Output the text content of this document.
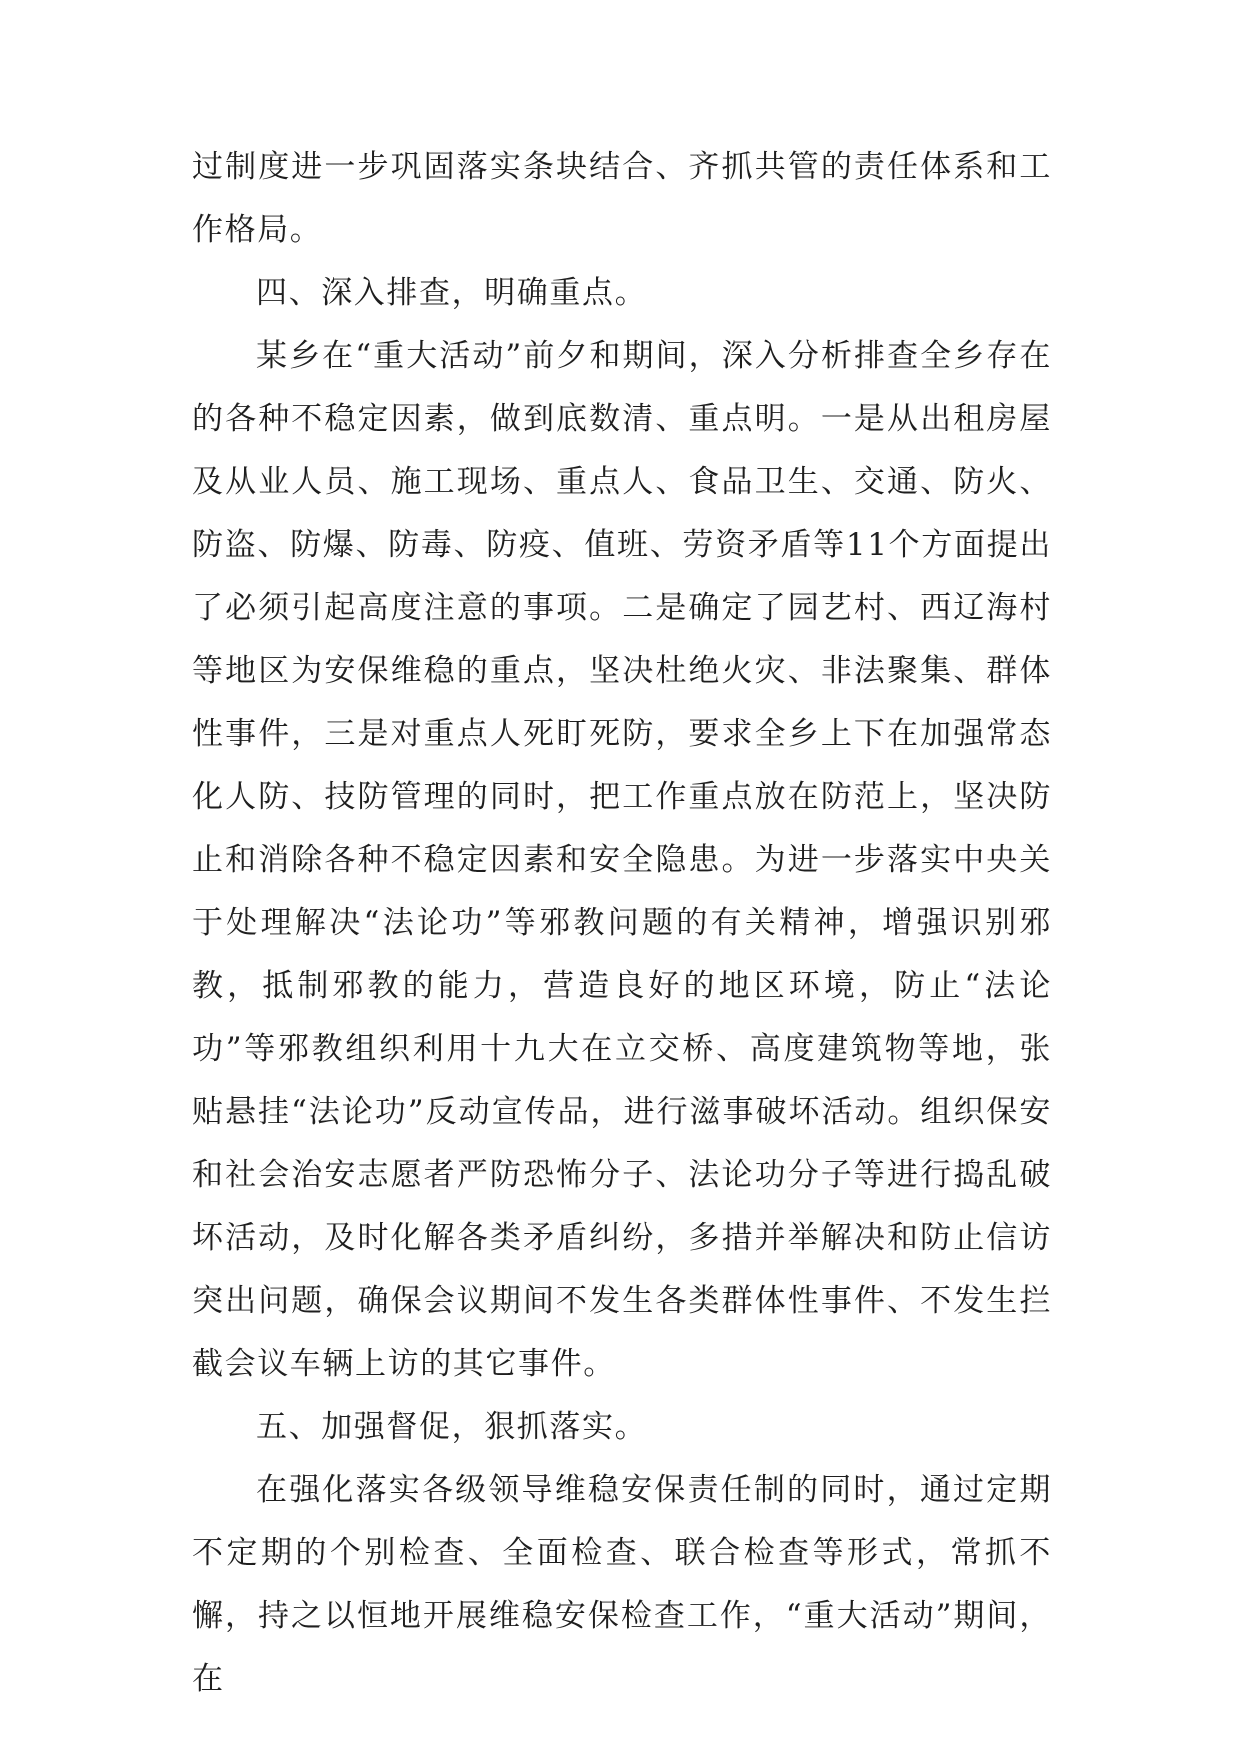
过制度进一步巩固落实条块结合、齐抓共管的责任体系和工作格局。

四、深入排查，明确重点。

某乡在“重大活动”前夕和期间，深入分析排查全乡存在的各种不稳定因素，做到底数清、重点明。一是从出租房屋及从业人员、施工现场、重点人、食品卫生、交通、防火、防盗、防爆、防毒、防疫、值班、劳资矛盾等11个方面提出了必须引起高度注意的事项。二是确定了园艺村、西辽海村等地区为安保维稳的重点，坚决杜绝火灾、非法聚集、群体性事件，三是对重点人死盯死防，要求全乡上下在加强常态化人防、技防管理的同时，把工作重点放在防范上，坚决防止和消除各种不稳定因素和安全隐患。为进一步落实中央关于处理解决“法论功”等邪教问题的有关精神，增强识别邪教，抵制邪教的能力，营造良好的地区环境，防止“法论功”等邪教组织利用十九大在立交桥、高度建筑物等地，张贴悬挂“法论功”反动宣传品，进行滋事破坏活动。组织保安和社会治安志愿者严防恐怖分子、法论功分子等进行捣乱破坏活动，及时化解各类矛盾纠纷，多措并举解决和防止信访突出问题，确保会议期间不发生各类群体性事件、不发生拦截会议车辆上访的其它事件。

五、加强督促，狠抓落实。

在强化落实各级领导维稳安保责任制的同时，通过定期不定期的个别检查、全面检查、联合检查等形式，常抓不懈，持之以恒地开展维稳安保检查工作，“重大活动”期间，在
